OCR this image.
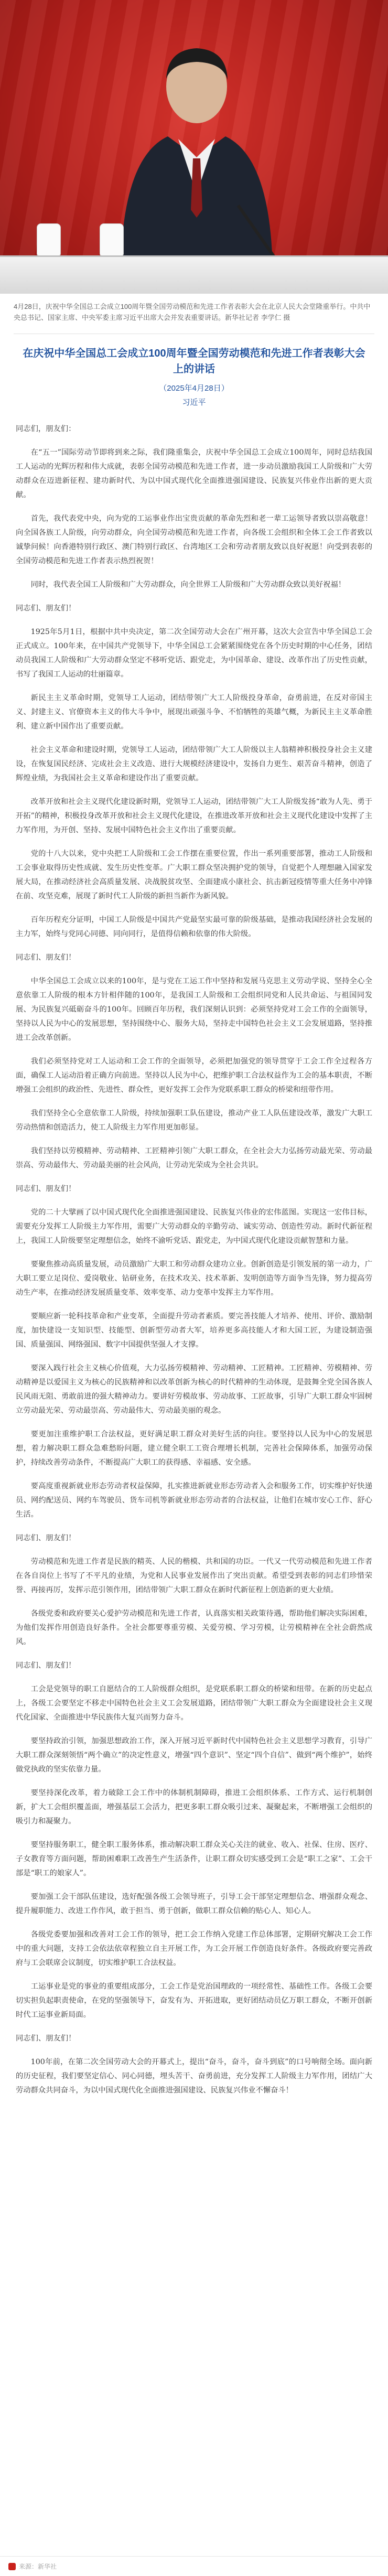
4月28日，庆祝中华全国总工会成立100周年暨全国劳动模范和先进工作者表彰大会在北京人民大会堂隆重举行。中共中央总书记、国家主席、中央军委主席习近平出席大会并发表重要讲话。新华社记者 李学仁 摄
在庆祝中华全国总工会成立100周年暨全国劳动模范和先进工作者表彰大会上的讲话
（2025年4月28日）
习近平

同志们，朋友们：

在“五一”国际劳动节即将到来之际，我们隆重集会，庆祝中华全国总工会成立100周年，同时总结我国工人运动的光辉历程和伟大成就，表彰全国劳动模范和先进工作者，进一步动员激励我国工人阶级和广大劳动群众在迈进新征程、建功新时代、为以中国式现代化全面推进强国建设、民族复兴伟业作出新的更大贡献。

首先，我代表党中央，向为党的工运事业作出宝贵贡献的革命先烈和老一辈工运领导者致以崇高敬意！向全国各族工人阶级，向劳动群众，向全国劳动模范和先进工作者，向各级工会组织和全体工会工作者致以诚挚问候！向香港特别行政区、澳门特别行政区、台湾地区工会和劳动者朋友致以良好祝愿！向受到表彰的全国劳动模范和先进工作者表示热烈祝贺！

同时，我代表全国工人阶级和广大劳动群众，向全世界工人阶级和广大劳动群众致以美好祝福！

同志们、朋友们！

1925年5月1日，根据中共中央决定，第二次全国劳动大会在广州开幕，这次大会宣告中华全国总工会正式成立。100年来，在中国共产党领导下，中华全国总工会紧紧围绕党在各个历史时期的中心任务，团结动员我国工人阶级和广大劳动群众坚定不移听党话、跟党走，为中国革命、建设、改革作出了历史性贡献，书写了我国工人运动的壮丽篇章。

新民主主义革命时期，党领导工人运动，团结带领广大工人阶级投身革命，奋勇前进，在反对帝国主义、封建主义、官僚资本主义的伟大斗争中，展现出顽强斗争、不怕牺牲的英雄气概，为新民主主义革命胜利、建立新中国作出了重要贡献。

社会主义革命和建设时期，党领导工人运动，团结带领广大工人阶级以主人翁精神积极投身社会主义建设，在恢复国民经济、完成社会主义改造、进行大规模经济建设中，发扬自力更生、艰苦奋斗精神，创造了辉煌业绩，为我国社会主义革命和建设作出了重要贡献。

改革开放和社会主义现代化建设新时期，党领导工人运动，团结带领广大工人阶级发扬“敢为人先、勇于开拓”的精神，积极投身改革开放和社会主义现代化建设，在推进改革开放和社会主义现代化建设中发挥了主力军作用，为开创、坚持、发展中国特色社会主义作出了重要贡献。

党的十八大以来，党中央把工人阶级和工会工作摆在重要位置，作出一系列重要部署，推动工人阶级和工会事业取得历史性成就、发生历史性变革。广大职工群众坚决拥护党的领导，自觉把个人理想融入国家发展大局，在推动经济社会高质量发展、决战脱贫攻坚、全面建成小康社会、抗击新冠疫情等重大任务中冲锋在前、攻坚克难，展现了新时代工人阶级的新担当新作为新风貌。

百年历程充分证明，中国工人阶级是中国共产党最坚实最可靠的阶级基础，是推动我国经济社会发展的主力军，始终与党同心同德、同向同行，是值得信赖和依靠的伟大阶级。

同志们、朋友们！

中华全国总工会成立以来的100年，是与党在工运工作中坚持和发展马克思主义劳动学说、坚持全心全意依靠工人阶级的根本方针相伴随的100年，是我国工人阶级和工会组织同党和人民共命运、与祖国同发展、为民族复兴砥砺奋斗的100年。回顾百年历程，我们深刻认识到：必须坚持党对工会工作的全面领导，坚持以人民为中心的发展思想，坚持围绕中心、服务大局，坚持走中国特色社会主义工会发展道路，坚持推进工会改革创新。

我们必须坚持党对工人运动和工会工作的全面领导，必须把加强党的领导贯穿于工会工作全过程各方面，确保工人运动沿着正确方向前进。坚持以人民为中心，把维护职工合法权益作为工会的基本职责，不断增强工会组织的政治性、先进性、群众性，更好发挥工会作为党联系职工群众的桥梁和纽带作用。

我们坚持全心全意依靠工人阶级，持续加强职工队伍建设，推动产业工人队伍建设改革，激发广大职工劳动热情和创造活力，使工人阶级主力军作用更加彰显。

我们坚持以劳模精神、劳动精神、工匠精神引领广大职工群众，在全社会大力弘扬劳动最光荣、劳动最崇高、劳动最伟大、劳动最美丽的社会风尚，让劳动光荣成为全社会共识。

同志们、朋友们！

党的二十大擘画了以中国式现代化全面推进强国建设、民族复兴伟业的宏伟蓝图。实现这一宏伟目标，需要充分发挥工人阶级主力军作用，需要广大劳动群众的辛勤劳动、诚实劳动、创造性劳动。新时代新征程上，我国工人阶级要坚定理想信念，始终不渝听党话、跟党走，为中国式现代化建设贡献智慧和力量。

要聚焦推动高质量发展，动员激励广大职工和劳动群众建功立业。创新创造是引领发展的第一动力，广大职工要立足岗位、爱岗敬业、钻研业务，在技术攻关、技术革新、发明创造等方面争当先锋，努力提高劳动生产率，在推动经济发展质量变革、效率变革、动力变革中发挥主力军作用。

要顺应新一轮科技革命和产业变革，全面提升劳动者素质。要完善技能人才培养、使用、评价、激励制度，加快建设一支知识型、技能型、创新型劳动者大军，培养更多高技能人才和大国工匠，为建设制造强国、质量强国、网络强国、数字中国提供坚强人才支撑。

要深入践行社会主义核心价值观，大力弘扬劳模精神、劳动精神、工匠精神。工匠精神、劳模精神、劳动精神是以爱国主义为核心的民族精神和以改革创新为核心的时代精神的生动体现，是鼓舞全党全国各族人民风雨无阻、勇敢前进的强大精神动力。要讲好劳模故事、劳动故事、工匠故事，引导广大职工群众牢固树立劳动最光荣、劳动最崇高、劳动最伟大、劳动最美丽的观念。

要更加注重维护职工合法权益，更好满足职工群众对美好生活的向往。要坚持以人民为中心的发展思想，着力解决职工群众急难愁盼问题，建立健全职工工资合理增长机制，完善社会保障体系，加强劳动保护，持续改善劳动条件，不断提高广大职工的获得感、幸福感、安全感。

要高度重视新就业形态劳动者权益保障，扎实推进新就业形态劳动者入会和服务工作，切实维护好快递员、网约配送员、网约车驾驶员、货车司机等新就业形态劳动者的合法权益，让他们在城市安心工作、舒心生活。

同志们、朋友们！

劳动模范和先进工作者是民族的精英、人民的楷模、共和国的功臣。一代又一代劳动模范和先进工作者在各自岗位上书写了不平凡的业绩，为党和人民事业发展作出了突出贡献。希望受到表彰的同志们珍惜荣誉、再接再厉，发挥示范引领作用，团结带领广大职工群众在新时代新征程上创造新的更大业绩。

各级党委和政府要关心爱护劳动模范和先进工作者，认真落实相关政策待遇，帮助他们解决实际困难，为他们发挥作用创造良好条件。全社会都要尊重劳模、关爱劳模、学习劳模，让劳模精神在全社会蔚然成风。

同志们、朋友们！

工会是党领导的职工自愿结合的工人阶级群众组织，是党联系职工群众的桥梁和纽带。在新的历史起点上，各级工会要坚定不移走中国特色社会主义工会发展道路，团结带领广大职工群众为全面建设社会主义现代化国家、全面推进中华民族伟大复兴而努力奋斗。

要坚持政治引领，加强思想政治工作，深入开展习近平新时代中国特色社会主义思想学习教育，引导广大职工群众深刻领悟“两个确立”的决定性意义，增强“四个意识”、坚定“四个自信”、做到“两个维护”，始终做党执政的坚实依靠力量。

要坚持深化改革，着力破除工会工作中的体制机制障碍，推进工会组织体系、工作方式、运行机制创新，扩大工会组织覆盖面，增强基层工会活力，把更多职工群众吸引过来、凝聚起来，不断增强工会组织的吸引力和凝聚力。

要坚持服务职工，健全职工服务体系，推动解决职工群众关心关注的就业、收入、社保、住房、医疗、子女教育等方面问题，帮助困难职工改善生产生活条件，让职工群众切实感受到工会是“职工之家”、工会干部是“职工的娘家人”。

要加强工会干部队伍建设，选好配强各级工会领导班子，引导工会干部坚定理想信念、增强群众观念、提升履职能力、改进工作作风，敢于担当、勇于创新，做职工群众信赖的贴心人、知心人。

各级党委要加强和改善对工会工作的领导，把工会工作纳入党建工作总体部署，定期研究解决工会工作中的重大问题，支持工会依法依章程独立自主开展工作，为工会开展工作创造良好条件。各级政府要完善政府与工会联席会议制度，切实维护职工合法权益。

工运事业是党的事业的重要组成部分，工会工作是党治国理政的一项经常性、基础性工作。各级工会要切实担负起职责使命，在党的坚强领导下，奋发有为、开拓进取，更好团结动员亿万职工群众，不断开创新时代工运事业新局面。

同志们、朋友们！

100年前，在第二次全国劳动大会的开幕式上，提出“奋斗，奋斗，奋斗到底”的口号响彻全场。面向新的历史征程，我们要坚定信心、同心同德，埋头苦干、奋勇前进，充分发挥工人阶级主力军作用，团结广大劳动群众共同奋斗，为以中国式现代化全面推进强国建设、民族复兴伟业不懈奋斗！

来源：新华社
